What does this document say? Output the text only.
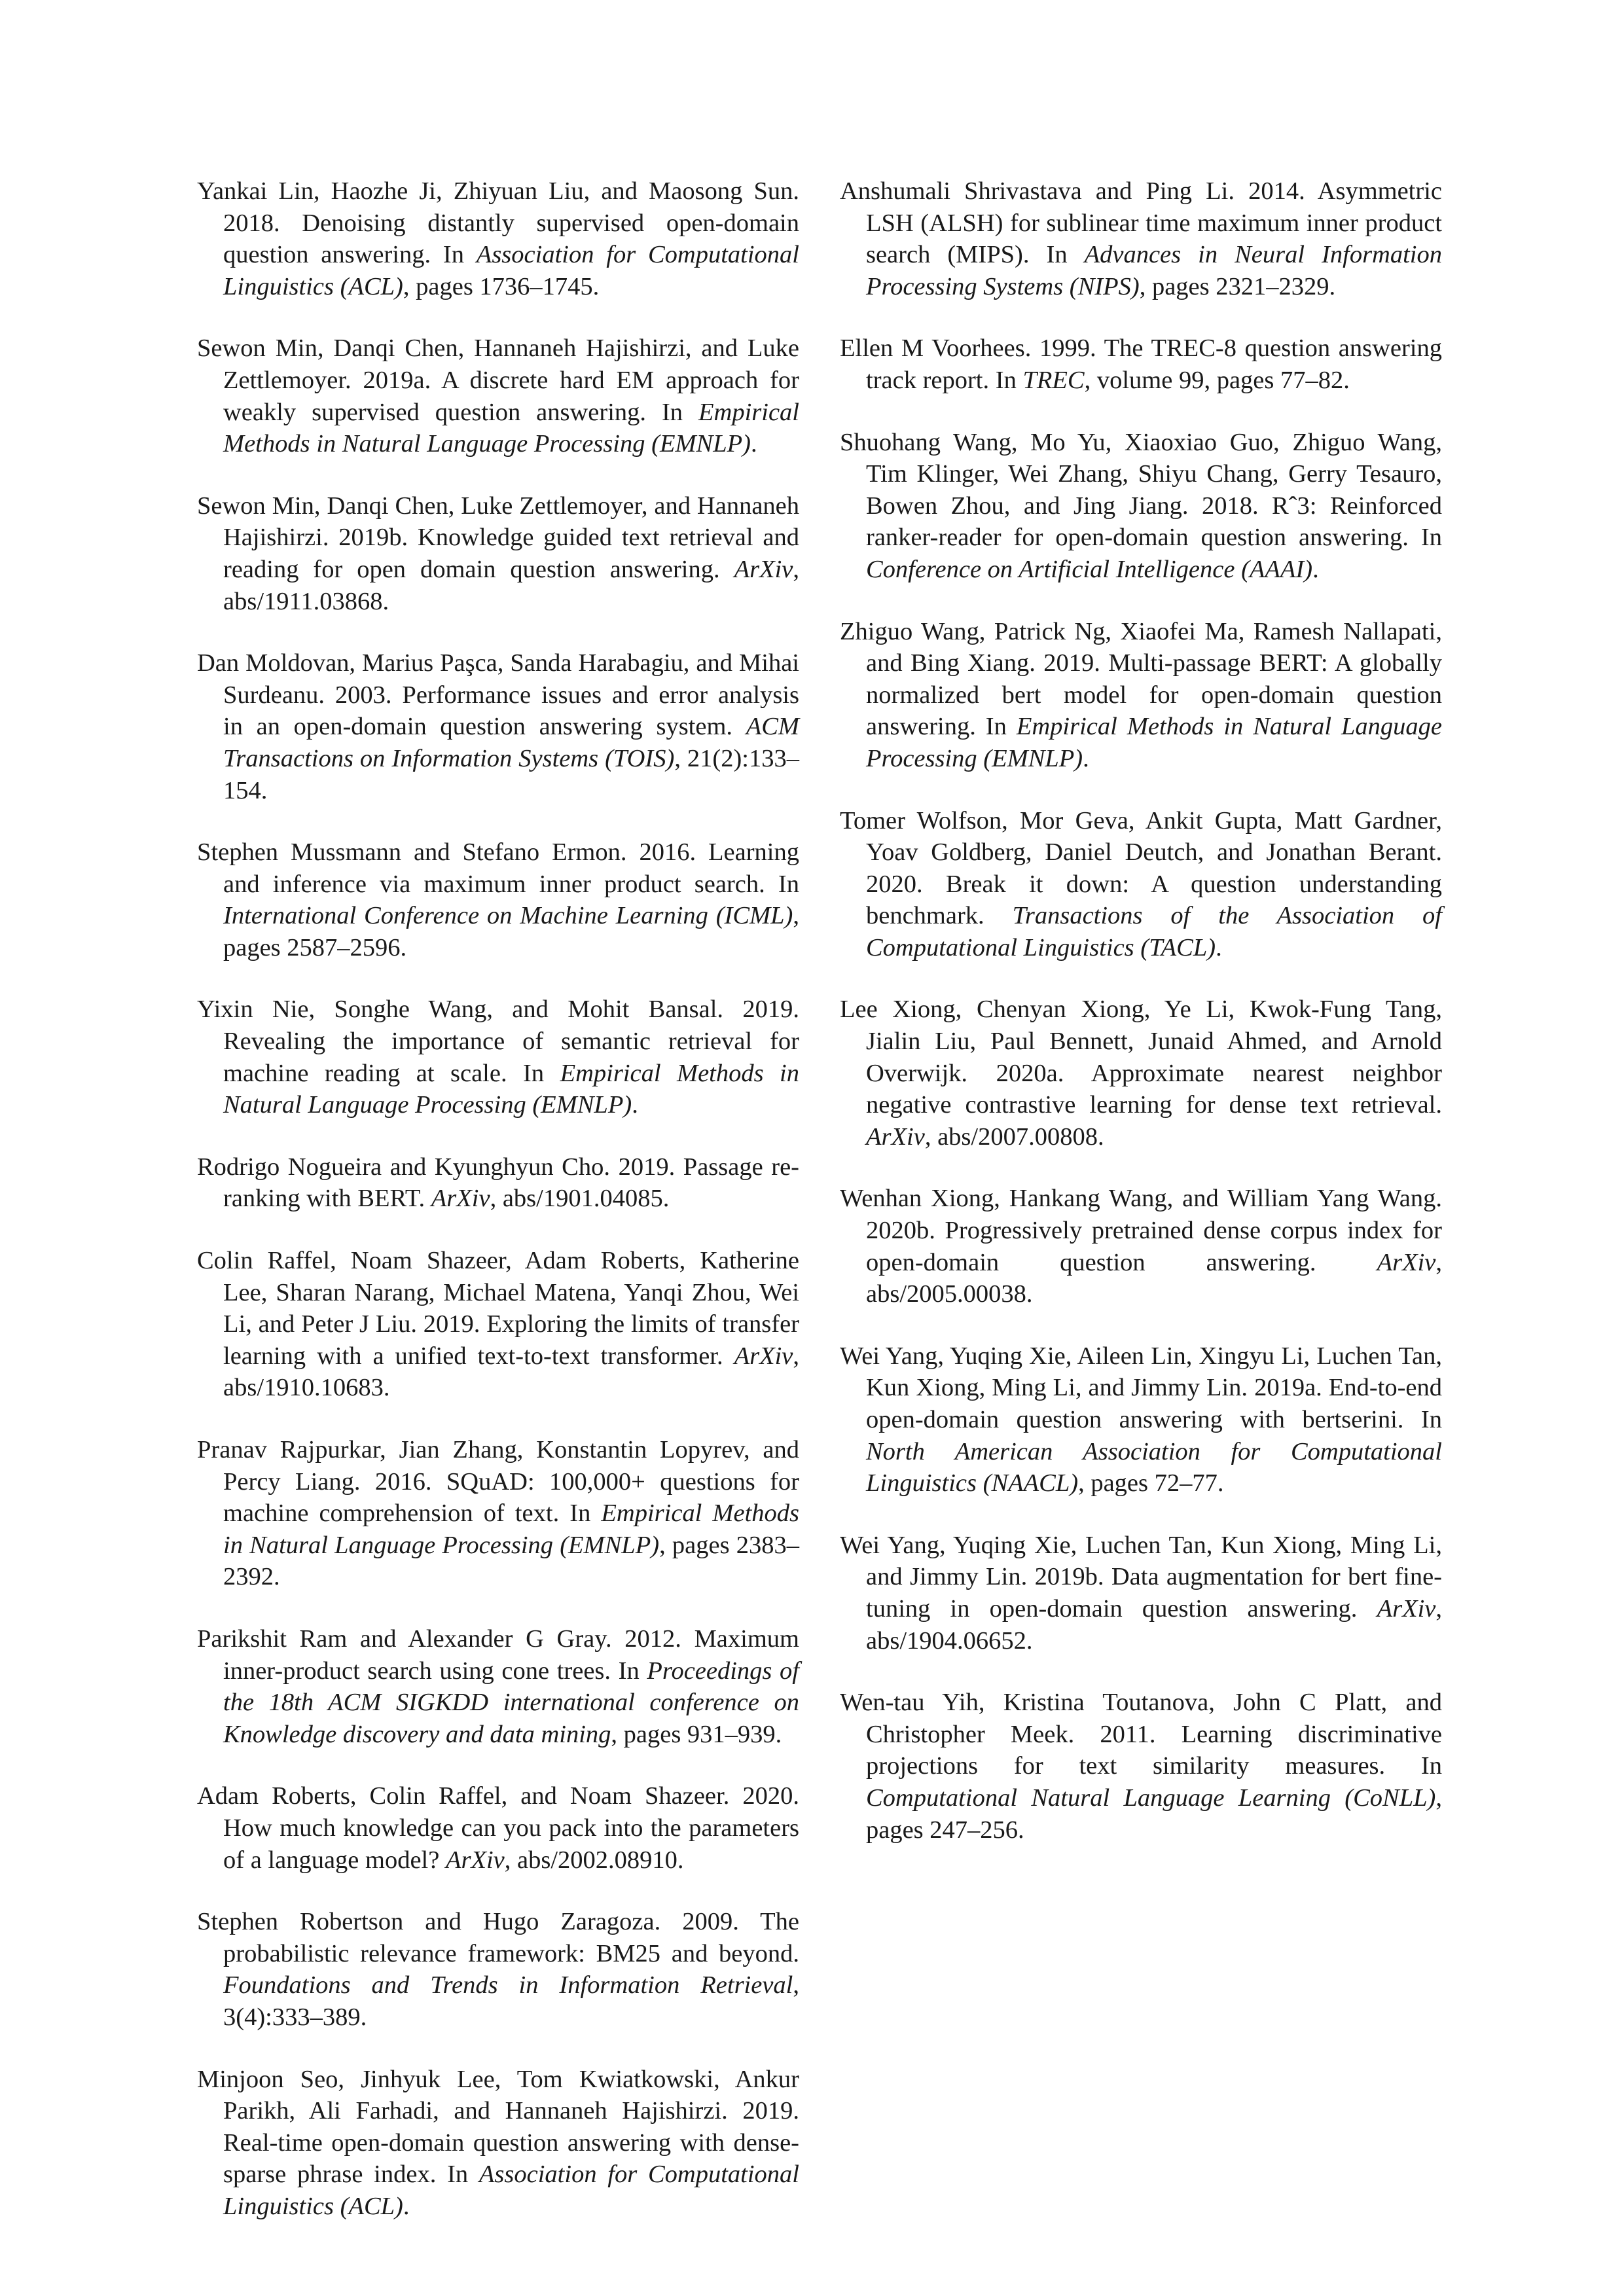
Yankai Lin, Haozhe Ji, Zhiyuan Liu, and Maosong Sun. 2018. Denoising distantly supervised open-domain question answering. In Association for Computational Linguistics (ACL), pages 1736–1745.

Sewon Min, Danqi Chen, Hannaneh Hajishirzi, and Luke Zettlemoyer. 2019a. A discrete hard EM approach for weakly supervised question answering. In Empirical Methods in Natural Language Processing (EMNLP).

Sewon Min, Danqi Chen, Luke Zettlemoyer, and Hannaneh Hajishirzi. 2019b. Knowledge guided text retrieval and reading for open domain question answering. ArXiv, abs/1911.03868.

Dan Moldovan, Marius Paşca, Sanda Harabagiu, and Mihai Surdeanu. 2003. Performance issues and error analysis in an open-domain question answering system. ACM Transactions on Information Systems (TOIS), 21(2):133–154.

Stephen Mussmann and Stefano Ermon. 2016. Learning and inference via maximum inner product search. In International Conference on Machine Learning (ICML), pages 2587–2596.

Yixin Nie, Songhe Wang, and Mohit Bansal. 2019. Revealing the importance of semantic retrieval for machine reading at scale. In Empirical Methods in Natural Language Processing (EMNLP).

Rodrigo Nogueira and Kyunghyun Cho. 2019. Passage re-ranking with BERT. ArXiv, abs/1901.04085.

Colin Raffel, Noam Shazeer, Adam Roberts, Katherine Lee, Sharan Narang, Michael Matena, Yanqi Zhou, Wei Li, and Peter J Liu. 2019. Exploring the limits of transfer learning with a unified text-to-text transformer. ArXiv, abs/1910.10683.

Pranav Rajpurkar, Jian Zhang, Konstantin Lopyrev, and Percy Liang. 2016. SQuAD: 100,000+ questions for machine comprehension of text. In Empirical Methods in Natural Language Processing (EMNLP), pages 2383–2392.

Parikshit Ram and Alexander G Gray. 2012. Maximum inner-product search using cone trees. In Proceedings of the 18th ACM SIGKDD international conference on Knowledge discovery and data mining, pages 931–939.

Adam Roberts, Colin Raffel, and Noam Shazeer. 2020. How much knowledge can you pack into the parameters of a language model? ArXiv, abs/2002.08910.

Stephen Robertson and Hugo Zaragoza. 2009. The probabilistic relevance framework: BM25 and beyond. Foundations and Trends in Information Retrieval, 3(4):333–389.

Minjoon Seo, Jinhyuk Lee, Tom Kwiatkowski, Ankur Parikh, Ali Farhadi, and Hannaneh Hajishirzi. 2019. Real-time open-domain question answering with dense-sparse phrase index. In Association for Computational Linguistics (ACL).

Anshumali Shrivastava and Ping Li. 2014. Asymmetric LSH (ALSH) for sublinear time maximum inner product search (MIPS). In Advances in Neural Information Processing Systems (NIPS), pages 2321–2329.

Ellen M Voorhees. 1999. The TREC-8 question answering track report. In TREC, volume 99, pages 77–82.

Shuohang Wang, Mo Yu, Xiaoxiao Guo, Zhiguo Wang, Tim Klinger, Wei Zhang, Shiyu Chang, Gerry Tesauro, Bowen Zhou, and Jing Jiang. 2018. Rˆ3: Reinforced ranker-reader for open-domain question answering. In Conference on Artificial Intelligence (AAAI).

Zhiguo Wang, Patrick Ng, Xiaofei Ma, Ramesh Nallapati, and Bing Xiang. 2019. Multi-passage BERT: A globally normalized bert model for open-domain question answering. In Empirical Methods in Natural Language Processing (EMNLP).

Tomer Wolfson, Mor Geva, Ankit Gupta, Matt Gardner, Yoav Goldberg, Daniel Deutch, and Jonathan Berant. 2020. Break it down: A question understanding benchmark. Transactions of the Association of Computational Linguistics (TACL).

Lee Xiong, Chenyan Xiong, Ye Li, Kwok-Fung Tang, Jialin Liu, Paul Bennett, Junaid Ahmed, and Arnold Overwijk. 2020a. Approximate nearest neighbor negative contrastive learning for dense text retrieval. ArXiv, abs/2007.00808.

Wenhan Xiong, Hankang Wang, and William Yang Wang. 2020b. Progressively pretrained dense corpus index for open-domain question answering. ArXiv, abs/2005.00038.

Wei Yang, Yuqing Xie, Aileen Lin, Xingyu Li, Luchen Tan, Kun Xiong, Ming Li, and Jimmy Lin. 2019a. End-to-end open-domain question answering with bertserini. In North American Association for Computational Linguistics (NAACL), pages 72–77.

Wei Yang, Yuqing Xie, Luchen Tan, Kun Xiong, Ming Li, and Jimmy Lin. 2019b. Data augmentation for bert fine-tuning in open-domain question answering. ArXiv, abs/1904.06652.

Wen-tau Yih, Kristina Toutanova, John C Platt, and Christopher Meek. 2011. Learning discriminative projections for text similarity measures. In Computational Natural Language Learning (CoNLL), pages 247–256.
